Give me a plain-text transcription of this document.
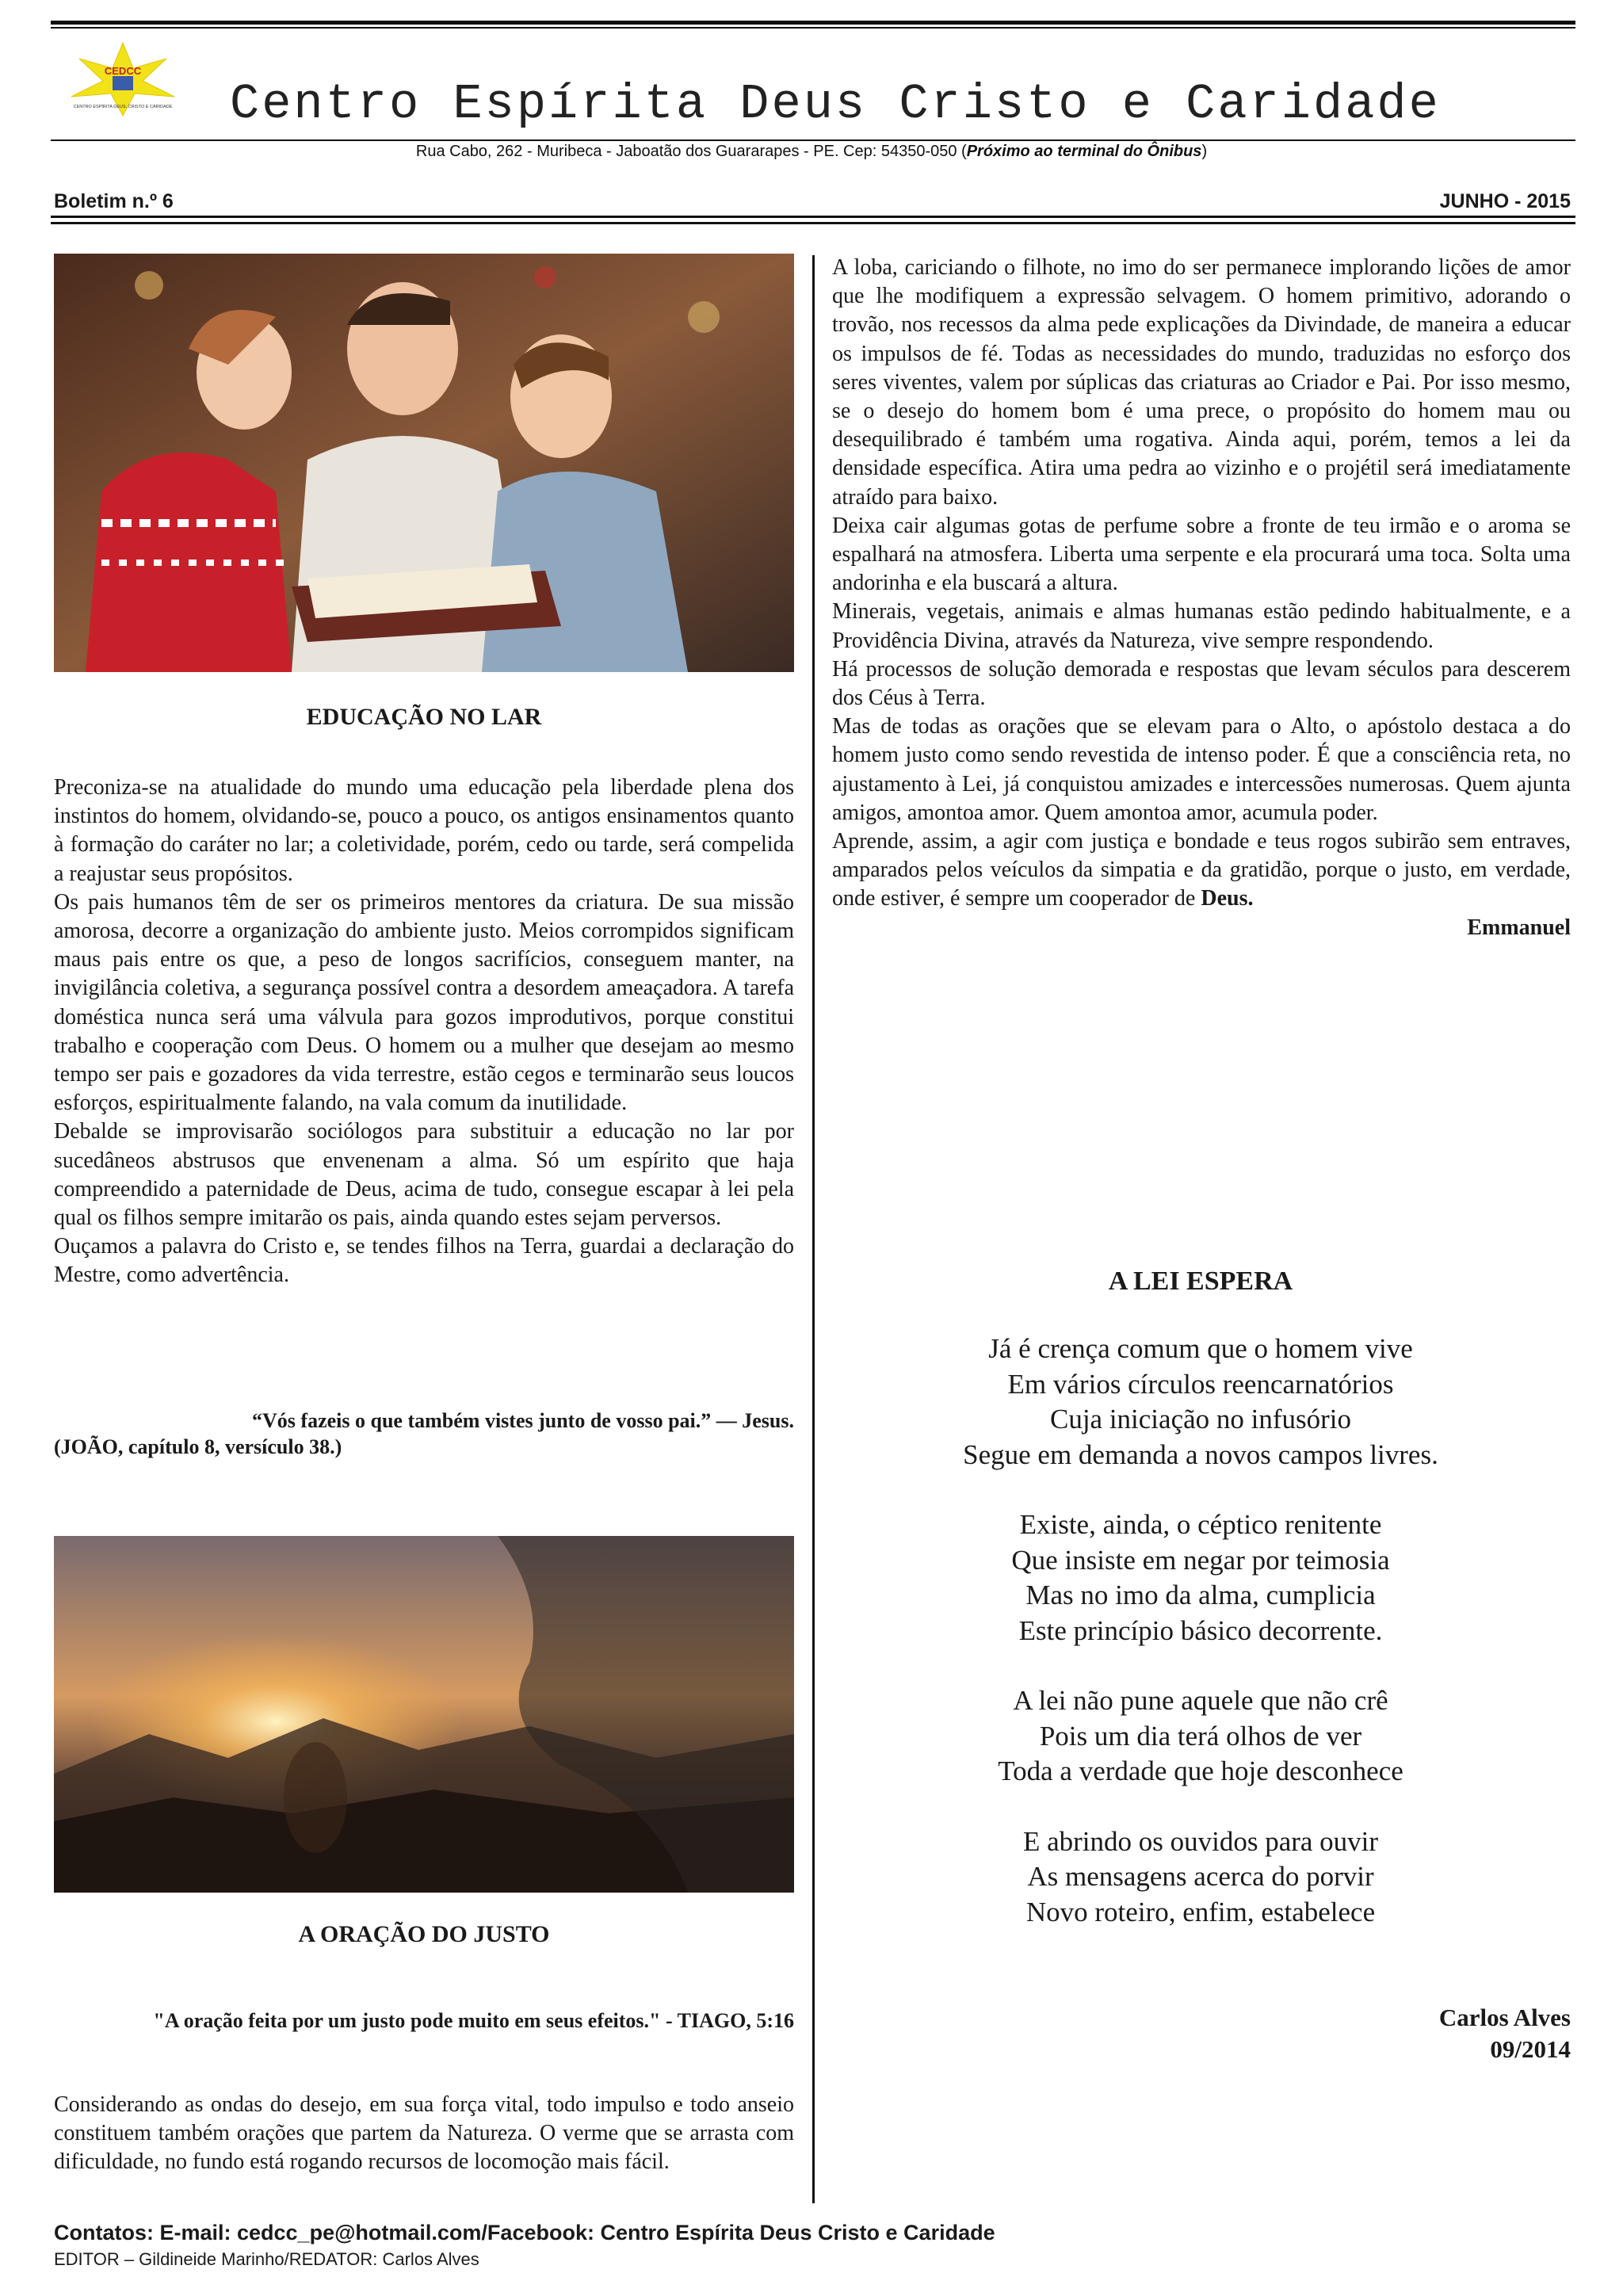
CEDCC
CENTRO ESPÍRITA DEUS, CRISTO E CARIDADE Centro Espírita Deus Cristo e Caridade
Rua Cabo, 262 - Muribeca - Jaboatão dos Guararapes - PE. Cep: 54350-050 (Próximo ao terminal do Ônibus)
Boletim n.º 6	JUNHO - 2015
EDUCAÇÃO NO LAR

Preconiza-se na atualidade do mundo uma educação pela liberdade plena dos instintos do homem, olvidando-se, pouco a pouco, os antigos ensinamentos quanto à formação do caráter no lar; a coletividade, porém, cedo ou tarde, será compelida a reajustar seus propósitos.

Os pais humanos têm de ser os primeiros mentores da criatura. De sua missão amorosa, decorre a organização do ambiente justo. Meios corrompidos significam maus pais entre os que, a peso de longos sacrifícios, conseguem manter, na invigilância coletiva, a segurança possível contra a desordem ameaçadora. A tarefa doméstica nunca será uma válvula para gozos improdutivos, porque constitui trabalho e cooperação com Deus. O homem ou a mulher que desejam ao mesmo tempo ser pais e gozadores da vida terrestre, estão cegos e terminarão seus loucos esforços, espiritualmente falando, na vala comum da inutilidade.

Debalde se improvisarão sociólogos para substituir a educação no lar por sucedâneos abstrusos que envenenam a alma. Só um espírito que haja compreendido a paternidade de Deus, acima de tudo, consegue escapar à lei pela qual os filhos sempre imitarão os pais, ainda quando estes sejam perversos.

Ouçamos a palavra do Cristo e, se tendes filhos na Terra, guardai a declaração do Mestre, como advertência.

“Vós fazeis o que também vistes junto de vosso pai.” — Jesus.
(JOÃO, capítulo 8, versículo 38.)
A ORAÇÃO DO JUSTO
"A oração feita por um justo pode muito em seus efeitos." - TIAGO, 5:16

Considerando as ondas do desejo, em sua força vital, todo impulso e todo anseio constituem também orações que partem da Natureza. O verme que se arrasta com dificuldade, no fundo está rogando recursos de locomoção mais fácil.

A loba, cariciando o filhote, no imo do ser permanece implorando lições de amor que lhe modifiquem a expressão selvagem. O homem primitivo, adorando o trovão, nos recessos da alma pede explicações da Divindade, de maneira a educar os impulsos de fé. Todas as necessidades do mundo, traduzidas no esforço dos seres viventes, valem por súplicas das criaturas ao Criador e Pai. Por isso mesmo, se o desejo do homem bom é uma prece, o propósito do homem mau ou desequilibrado é também uma rogativa. Ainda aqui, porém, temos a lei da densidade específica. Atira uma pedra ao vizinho e o projétil será imediatamente atraído para baixo.

Deixa cair algumas gotas de perfume sobre a fronte de teu irmão e o aroma se espalhará na atmosfera. Liberta uma serpente e ela procurará uma toca. Solta uma andorinha e ela buscará a altura.

Minerais, vegetais, animais e almas humanas estão pedindo habitualmente, e a Providência Divina, através da Natureza, vive sempre respondendo.

Há processos de solução demorada e respostas que levam séculos para descerem dos Céus à Terra.

Mas de todas as orações que se elevam para o Alto, o apóstolo destaca a do homem justo como sendo revestida de intenso poder. É que a consciência reta, no ajustamento à Lei, já conquistou amizades e intercessões numerosas. Quem ajunta amigos, amontoa amor. Quem amontoa amor, acumula poder.

Aprende, assim, a agir com justiça e bondade e teus rogos subirão sem entraves, amparados pelos veículos da simpatia e da gratidão, porque o justo, em verdade, onde estiver, é sempre um cooperador de Deus.

Emmanuel

A LEI ESPERA
Já é crença comum que o homem vive
Em vários círculos reencarnatórios
Cuja iniciação no infusório
Segue em demanda a novos campos livres.
Existe, ainda, o céptico renitente
Que insiste em negar por teimosia
Mas no imo da alma, cumplicia
Este princípio básico decorrente.
A lei não pune aquele que não crê
Pois um dia terá olhos de ver
Toda a verdade que hoje desconhece
E abrindo os ouvidos para ouvir
As mensagens acerca do porvir
Novo roteiro, enfim, estabelece
Carlos Alves
09/2014
Contatos: E-mail: cedcc_pe@hotmail.com/Facebook: Centro Espírita Deus Cristo e Caridade
EDITOR – Gildineide Marinho/REDATOR: Carlos Alves
